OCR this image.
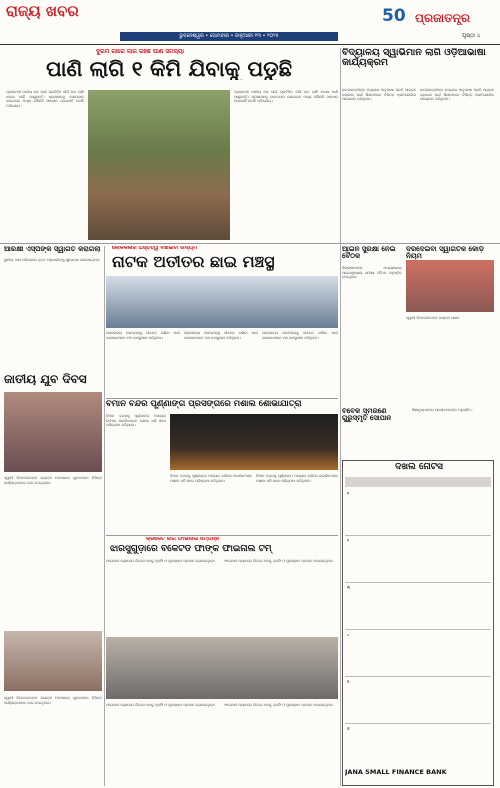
ରାଜ୍ୟ ଖବର
ଭୁବନେଶ୍ୱର • ସୋମବାର • ଜାନୁଆରୀ ୧୩ • ୨୦୨୫
50 ପ୍ରଜାତନ୍ତ୍ର
ପୃଷ୍ଠା ୪
ଦୁର୍ଗମ ଗାଁରେ ଲାଗି ରହିଛି ପାଣି ସମସ୍ୟା
ପାଣି ଲାଗି ୧ କିମି ଯିବାକୁ ପଡୁଛି
ଗ୍ରାମବାସୀ ପାନୀୟ ଜଳ ପାଇଁ ପ୍ରତିଦିନ ଦୀର୍ଘ ବାଟ ଚାଲି ଝରଣା ପାଣି ଆଣୁଛନ୍ତି। ପ୍ରଶାସନକୁ ବାରମ୍ବାର ଜଣାଇଲେ ମଧ୍ୟ କୌଣସି ସମାଧାନ ହୋଇନାହିଁ ବୋଲି ଅଭିଯୋଗ।
ଗ୍ରାମବାସୀ ପାନୀୟ ଜଳ ପାଇଁ ପ୍ରତିଦିନ ଦୀର୍ଘ ବାଟ ଚାଲି ଝରଣା ପାଣି ଆଣୁଛନ୍ତି। ପ୍ରଶାସନକୁ ବାରମ୍ବାର ଜଣାଇଲେ ମଧ୍ୟ କୌଣସି ସମାଧାନ ହୋଇନାହିଁ ବୋଲି ଅଭିଯୋଗ।
ବିଦ୍ୟାଳୟ ସ୍ୱାଭିମାନ ଲାଗି ଓଡ଼ିଆଭାଷା କାର୍ଯ୍ୟକ୍ରମ
ଛାତ୍ରଛାତ୍ରୀଙ୍କ ମଧ୍ୟରେ ମାତୃଭାଷା ପ୍ରତି ଆଗ୍ରହ ବଢ଼ାଇବା ପାଇଁ ଶିକ୍ଷକମାନେ ବିଭିନ୍ନ ପ୍ରତିଯୋଗିତା ଆୟୋଜନ କରିଥିଲେ।
ଛାତ୍ରଛାତ୍ରୀଙ୍କ ମଧ୍ୟରେ ମାତୃଭାଷା ପ୍ରତି ଆଗ୍ରହ ବଢ଼ାଇବା ପାଇଁ ଶିକ୍ଷକମାନେ ବିଭିନ୍ନ ପ୍ରତିଯୋଗିତା ଆୟୋଜନ କରିଥିଲେ।
ଆରକ୍ଷୀ ଏସ୍ପିଙ୍କ ସ୍ୱାଗତ କରାଗଲା
ସ୍ଥାନୀୟ ଥାନା ପରିସରରେ ନୂତନ ଅଧିକାରୀଙ୍କୁ ଶୁଭେଚ୍ଛା ଜଣାଯାଇଥିଲା।
ଜାତୀୟ ଯୁବ ଦିବସ
ସ୍ୱାମୀ ବିବେକାନନ୍ଦଙ୍କ ଜୟନ୍ତୀ ଅବସରରେ ଯୁବକମାନେ ବିଭିନ୍ନ କାର୍ଯ୍ୟକ୍ରମରେ ଭାଗ ନେଇଥିଲେ।
ସ୍ୱାମୀ ବିବେକାନନ୍ଦଙ୍କ ଜୟନ୍ତୀ ଅବସରରେ ଯୁବକମାନେ ବିଭିନ୍ନ କାର୍ଯ୍ୟକ୍ରମରେ ଭାଗ ନେଇଥିଲେ।
ଲୋକକଳାର ଅସ୍ତିତ୍ୱ ବଞ୍ଚାଇବା ଉଦ୍ୟମ
ନାଟକ ଅତୀତର ଛାଇ ମଞ୍ଚସ୍ଥ
ଲୋକନାଟ୍ୟ ପରମ୍ପରାକୁ ଜୀବନ୍ତ ରଖିବା ପାଇଁ କଳାକାରମାନେ ମଞ୍ଚ ଉପସ୍ଥାପନା କରିଥିଲେ।
ଲୋକନାଟ୍ୟ ପରମ୍ପରାକୁ ଜୀବନ୍ତ ରଖିବା ପାଇଁ କଳାକାରମାନେ ମଞ୍ଚ ଉପସ୍ଥାପନା କରିଥିଲେ।
ଲୋକନାଟ୍ୟ ପରମ୍ପରାକୁ ଜୀବନ୍ତ ରଖିବା ପାଇଁ କଳାକାରମାନେ ମଞ୍ଚ ଉପସ୍ଥାପନା କରିଥିଲେ।
ବିମାନ ବନ୍ଦର ପୂର୍ଣ୍ଣାଙ୍ଗ ପ୍ରସଙ୍ଗରେ ମଶାଲ ଶୋଭାଯାତ୍ରା
ବିମାନ ବନ୍ଦରକୁ ପୂର୍ଣ୍ଣାଙ୍ଗ ମାନ୍ୟତା ଦାବିରେ ନାଗରିକମାନେ ମଶାଲ ଧରି ସହର ପରିକ୍ରମା କରିଥିଲେ।
ବିମାନ ବନ୍ଦରକୁ ପୂର୍ଣ୍ଣାଙ୍ଗ ମାନ୍ୟତା ଦାବିରେ ନାଗରିକମାନେ ମଶାଲ ଧରି ସହର ପରିକ୍ରମା କରିଥିଲେ।
ବିମାନ ବନ୍ଦରକୁ ପୂର୍ଣ୍ଣାଙ୍ଗ ମାନ୍ୟତା ଦାବିରେ ନାଗରିକମାନେ ମଶାଲ ଧରି ସହର ପରିକ୍ରମା କରିଥିଲେ।
କ୍ରିକେଟ ଲିଗ ଫାଇନାଲ ସମ୍ପନ୍ନ
ଝାରସୁଗୁଡ଼ାରେ ବିକେଟିଡ ଫାଙ୍କ ଫାଇନାଲ ଟିମ୍
ଫାଇନାଲ ମ୍ୟାଚରେ ବିଜେତା ଦଳକୁ ଟ୍ରଫି ଓ ପୁରସ୍କାର ପ୍ରଦାନ କରାଯାଇଥିଲା।	ଫାଇନାଲ ମ୍ୟାଚରେ ବିଜେତା ଦଳକୁ ଟ୍ରଫି ଓ ପୁରସ୍କାର ପ୍ରଦାନ କରାଯାଇଥିଲା।
ଫାଇନାଲ ମ୍ୟାଚରେ ବିଜେତା ଦଳକୁ ଟ୍ରଫି ଓ ପୁରସ୍କାର ପ୍ରଦାନ କରାଯାଇଥିଲା।	ଫାଇନାଲ ମ୍ୟାଚରେ ବିଜେତା ଦଳକୁ ଟ୍ରଫି ଓ ପୁରସ୍କାର ପ୍ରଦାନ କରାଯାଇଥିଲା।
ଆଇନ ସୁରକ୍ଷା ନେଇ ବୈଠକ
ଜିଲ୍ଲାପାଳଙ୍କ ଅଧ୍ୟକ୍ଷତାରେ ଆଇନଶୃଙ୍ଖଳା ସମୀକ୍ଷା ବୈଠକ ଅନୁଷ୍ଠିତ ହୋଇଥିଲା।
ଦରଦେଇବା ସ୍ୱାଗତିକ କୋଡ଼ି ନିୟମ
ସ୍ୱାମୀ ବିବେକାନନ୍ଦଙ୍କ ଜୟନ୍ତୀ ପାଳନ
ବିବେକ ସ୍ମରଣେ ଗୁରୁସ୍ମୃତି ସୋପାନ
ଶିକ୍ଷାନୁଷ୍ଠାନରେ ଆଲୋଚନାଚକ୍ର ଅନୁଷ୍ଠିତ।
ଦଖଲ ନୋଟିସ
୧
୨
୩
୪
୫
୬
JANA SMALL FINANCE BANK
